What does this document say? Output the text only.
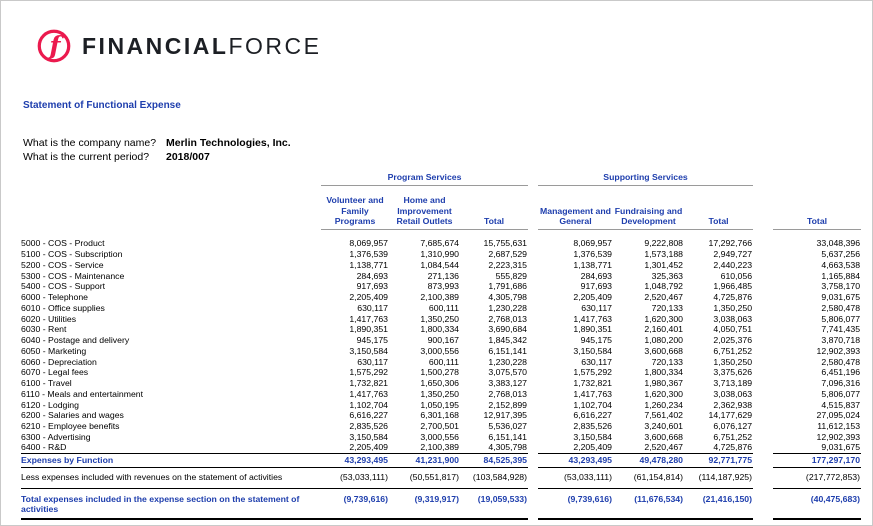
f FINANCIALFORCE
Statement of Functional Expense
What is the company name? Merlin Technologies, Inc.
What is the current period?	2018/007
	Program Services				Supporting Services				

	Volunteer and Family Programs	Home and Improvement Retail Outlets	Total		Management and General	Fundraising and Development	Total		Total

5000 - COS - Product	8,069,957	7,685,674	15,755,631		8,069,957	9,222,808	17,292,766		33,048,396
5100 - COS - Subscription	1,376,539	1,310,990	2,687,529		1,376,539	1,573,188	2,949,727		5,637,256
5200 - COS - Service	1,138,771	1,084,544	2,223,315		1,138,771	1,301,452	2,440,223		4,663,538
5300 - COS - Maintenance	284,693	271,136	555,829		284,693	325,363	610,056		1,165,884
5400 - COS - Support	917,693	873,993	1,791,686		917,693	1,048,792	1,966,485		3,758,170
6000 - Telephone	2,205,409	2,100,389	4,305,798		2,205,409	2,520,467	4,725,876		9,031,675
6010 - Office supplies	630,117	600,111	1,230,228		630,117	720,133	1,350,250		2,580,478
6020 - Utilities	1,417,763	1,350,250	2,768,013		1,417,763	1,620,300	3,038,063		5,806,077
6030 - Rent	1,890,351	1,800,334	3,690,684		1,890,351	2,160,401	4,050,751		7,741,435
6040 - Postage and delivery	945,175	900,167	1,845,342		945,175	1,080,200	2,025,376		3,870,718
6050 - Marketing	3,150,584	3,000,556	6,151,141		3,150,584	3,600,668	6,751,252		12,902,393
6060 - Depreciation	630,117	600,111	1,230,228		630,117	720,133	1,350,250		2,580,478
6070 - Legal fees	1,575,292	1,500,278	3,075,570		1,575,292	1,800,334	3,375,626		6,451,196
6100 - Travel	1,732,821	1,650,306	3,383,127		1,732,821	1,980,367	3,713,189		7,096,316
6110 - Meals and entertainment	1,417,763	1,350,250	2,768,013		1,417,763	1,620,300	3,038,063		5,806,077
6120 - Lodging	1,102,704	1,050,195	2,152,899		1,102,704	1,260,234	2,362,938		4,515,837
6200 - Salaries and wages	6,616,227	6,301,168	12,917,395		6,616,227	7,561,402	14,177,629		27,095,024
6210 - Employee benefits	2,835,526	2,700,501	5,536,027		2,835,526	3,240,601	6,076,127		11,612,153
6300 - Advertising	3,150,584	3,000,556	6,151,141		3,150,584	3,600,668	6,751,252		12,902,393
6400 - R&D	2,205,409	2,100,389	4,305,798		2,205,409	2,520,467	4,725,876		9,031,675
Expenses by Function	43,293,495	41,231,900	84,525,395		43,293,495	49,478,280	92,771,775		177,297,170
Less expenses included with revenues on the statement of activities	(53,033,111)	(50,551,817)	(103,584,928)		(53,033,111)	(61,154,814)	(114,187,925)		(217,772,853)
Total expenses included in the expense section on the statement of activities	(9,739,616)	(9,319,917)	(19,059,533)		(9,739,616)	(11,676,534)	(21,416,150)		(40,475,683)
